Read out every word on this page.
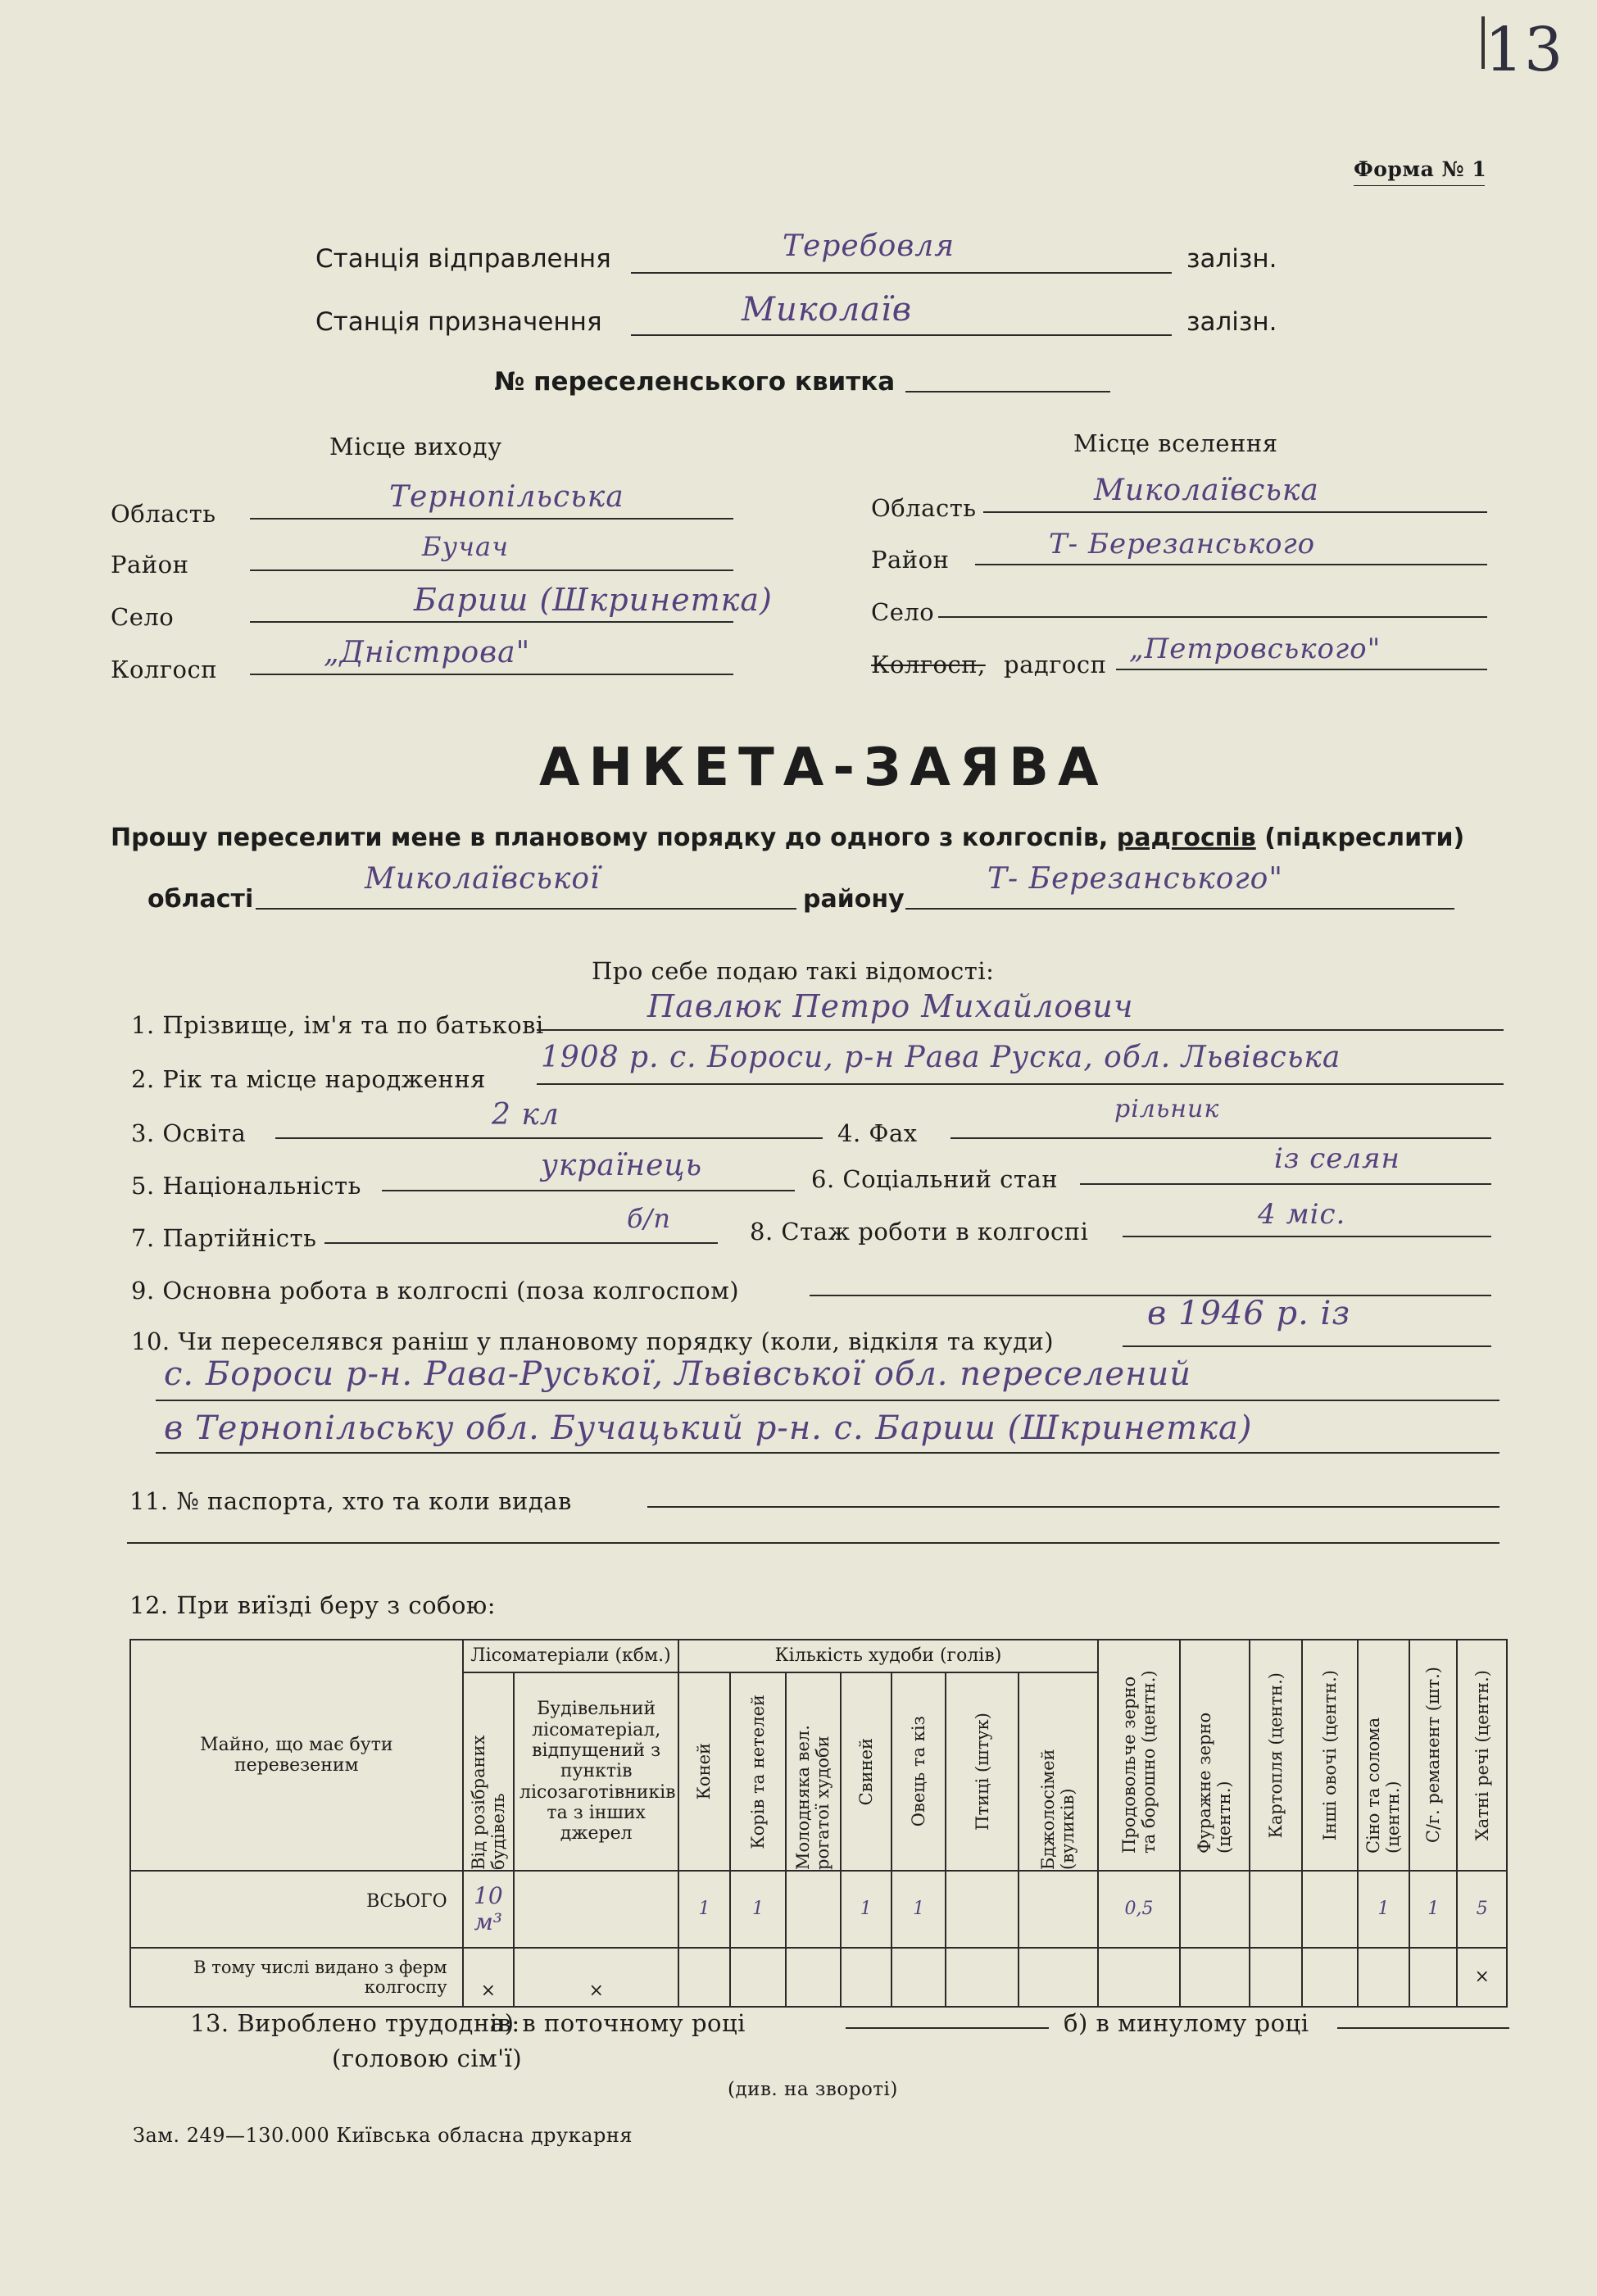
13
Форма № 1
Станція відправлення	Теребовля	залізн.
Станція призначення	Миколаїв	залізн.
№ переселенського квитка
Місце виходу
Область	Тернопільська
Район
Бучач
Село	Бариш (Шкринетка)
Колгосп	„Дністрова"
Місце вселення
Область
Миколаївська
Район	Т- Березанського
Село
Колгосп, радгосп „Петровського"
АНКЕТА-ЗАЯВА
Прошу переселити мене в плановому порядку до одного з колгоспів, радгоспів (підкреслити)
області
Миколаївської
району
Т- Березанського"
Про себе подаю такі відомості:
1. Прізвище, ім'я та по батькові
Павлюк Петро Михайлович
2. Рік та місце народження
1908 р. с. Бороси, р-н Рава Руска, обл. Львівська
3. Освіта
2 кл
4. Фах
рільник
5. Національність
українець	6. Соціальний стан
із селян
7. Партійність
б/п	8. Стаж роботи в колгоспі
4 міс.
9. Основна робота в колгоспі (поза колгоспом)
10. Чи переселявся раніш у плановому порядку (коли, відкіля та куди)
в 1946 р. із
с. Бороси р-н. Рава-Руської, Львівської обл. переселений
в Тернопільську обл. Бучацький р-н. с. Бариш (Шкринетка)
11. № паспорта, хто та коли видав
12. При виїзді беру з собою:
Майно, що має бути перевезеним	Лісоматеріали (кбм.)		Кількість худоби (голів)							Продовольче зерно та борошно (центн.)	Фуражне зерно (центн.)	Картопля (центн.)	Інші овочі (центн.)	Сіно та солома (центн.)	С/г. реманент (шт.)	Хатні речі (центн.)

	Від розібраних будівель	Будівельний лісоматеріал, відпущений з пунктів лісозаготівників та з інших джерел	Коней	Корів та нетелей	Молодняка вел. рогатої худоби	Свиней	Овець та кіз	Птиці (штук)	Бджолосімей (вуликів)							

ВСЬОГО	10 м³		1	1		1	1			0,5				1	1	5
В тому числі видано з ферм колгоспу	×	×														×
13. Вироблено трудоднів:
а) в поточному році	б) в минулому році
(головою сім'ї)
(див. на звороті)
Зам. 249—130.000 Київська обласна друкарня
